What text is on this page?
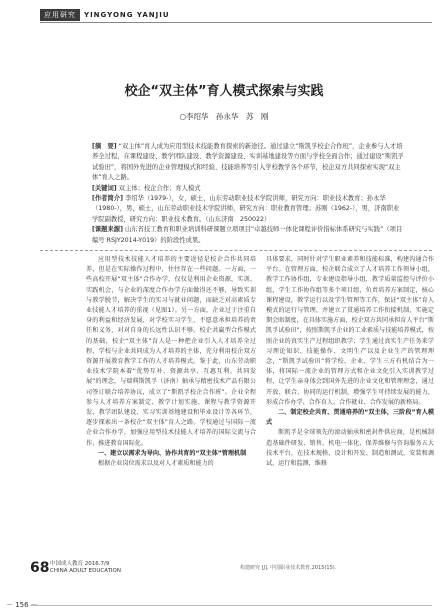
应用研究	YINGYONG YANJIU
校企“双主体”育人模式探索与实践
○李绍华　孙永华　苏　刚

[摘　要] “双主体”育人成为应用型技术技能教育探索的新途径。通过建立“斯凯孚校企合作班”，企业参与人才培养全过程，在课程建设、教学团队建设、教学资源建设、实训基地建设等方面与学校全面合作；通过建设“斯凯孚试验田”，将国外先进的企业管理模式和经验、技能培养等引入学校教学各个环节，校企双方共同探索实现“双主体”育人之路。

[关键词] 双主体；校企合作；育人模式

[作者简介] 李绍华（1979-），女，硕士，山东劳动职业技术学院讲师，研究方向：职业技术教育；孙永华（1980-），男，硕士，山东劳动职业技术学院讲师，研究方向：职业教育管理；苏刚（1962-），男，济南职业学院副教授，研究方向：职业技术教育。（山东济南　250022）

[课题来源] 山东省技工教育和职业培训科研课题立项项目“卓越技师一体化课程评价指标体系研究与实践”（项目编号 RSJY2014-Y019）的阶段性成果。

应用型技术技能人才培养的主要途径是校企合作共同培养，但是在实际操作过程中，往往存在一些问题。一方面，一些高校开展“双主体”合作办学，仅仅是利用企业资源，实训、实践机会，与企业的深度合作办学方面做得还不够，导致实训与教学脱节，解决学生的实习与就业问题，而缺乏对高素质专业技能人才培养的重视（见图1）。另一方面，企业过于注重自身的利益和经济发展，对学校实习学生，不愿意承担培养的责任和义务，对对自身的长远性认识不够。校企共赢型合作模式的基础，校企“双主体”育人是一种把企业引入人才培养全过程，学校与企业共同成为人才培养的主体，充分利用校企双方资源开展教育教学工作的人才培养模式。鉴于此，山东劳动职业技术学院本着“优势互补、资源共享、互惠互利、共同发展”的理念，与瑞典斯凯孚（济南）轴承与精密技术产品有限公司签订联合培养协议，成立了“斯凯孚校企合作班”。企业全程参与人才培养方案制定、教学计划实施、课程与教学资源开发、教学团队建设、实习实训基地建设和毕业设计等各环节，逐步探索出一条校企“双主体”育人之路。学校通过与国际一流企业合作办学，加强应用型技术技能人才培养的国际交流与合作，推进教育国际化。

一、建立以需求为导向、协作共育的“双主体”管理机制

根据企业岗位需求以及对人才素质和能力的

具体要求，同时针对学生职业素养和技能标准，构建沟通合作平台。在管理方面，校企联合成立了人才培养工作领导小组，教学工作协作组，专业建设指导小组，教学质量监控与评价小组，学生工作协作组等多个项目组，负责培养方案制定，核心课程建设，教学运行以及学生管理等工作，保证“双主体”育人模式的运行与管理，并建立了贯通培养工作衔接机制，实施定期会晤制度，在具体实施方面，校企双方共同承担育人平台“斯凯孚试验田”，按照斯凯孚企业的工业素质与技能培养模式，按照企业的真实生产过程组织教学；学生通过真实生产任务来学习理论知识、技能操作、文明生产以及企业生产的管理理念，“斯凯孚试验田”将学校、企业、学生三方有机结合为一体，将国际一流企业的管理方式和企业文化引入实训教学过程，让学生亲身体会到国外先进的企业文化和管理理念，通过开放、联合、协同的运行机制，增强学生可持续发展的能力，形成合作办学、合作育人、合作就业、合作发展的新格局。

二、制定校企共育、贯通培养的“双主体，三阶段”育人模式

斯凯孚是全球领先的滚动轴承和密封件供应商，是机械制造基础件研发、销售、机电一体化、保养维修与咨询服务五大技术平台，在技术规格，设计和开发、制造和测试，安装和调试，运行和监测，维修

68 中国成人教育 2016.7/9
CHINA ADULT EDUCATION	构建研究 [J]. 中国职业技术教育,2015(15).
－ 156 －
